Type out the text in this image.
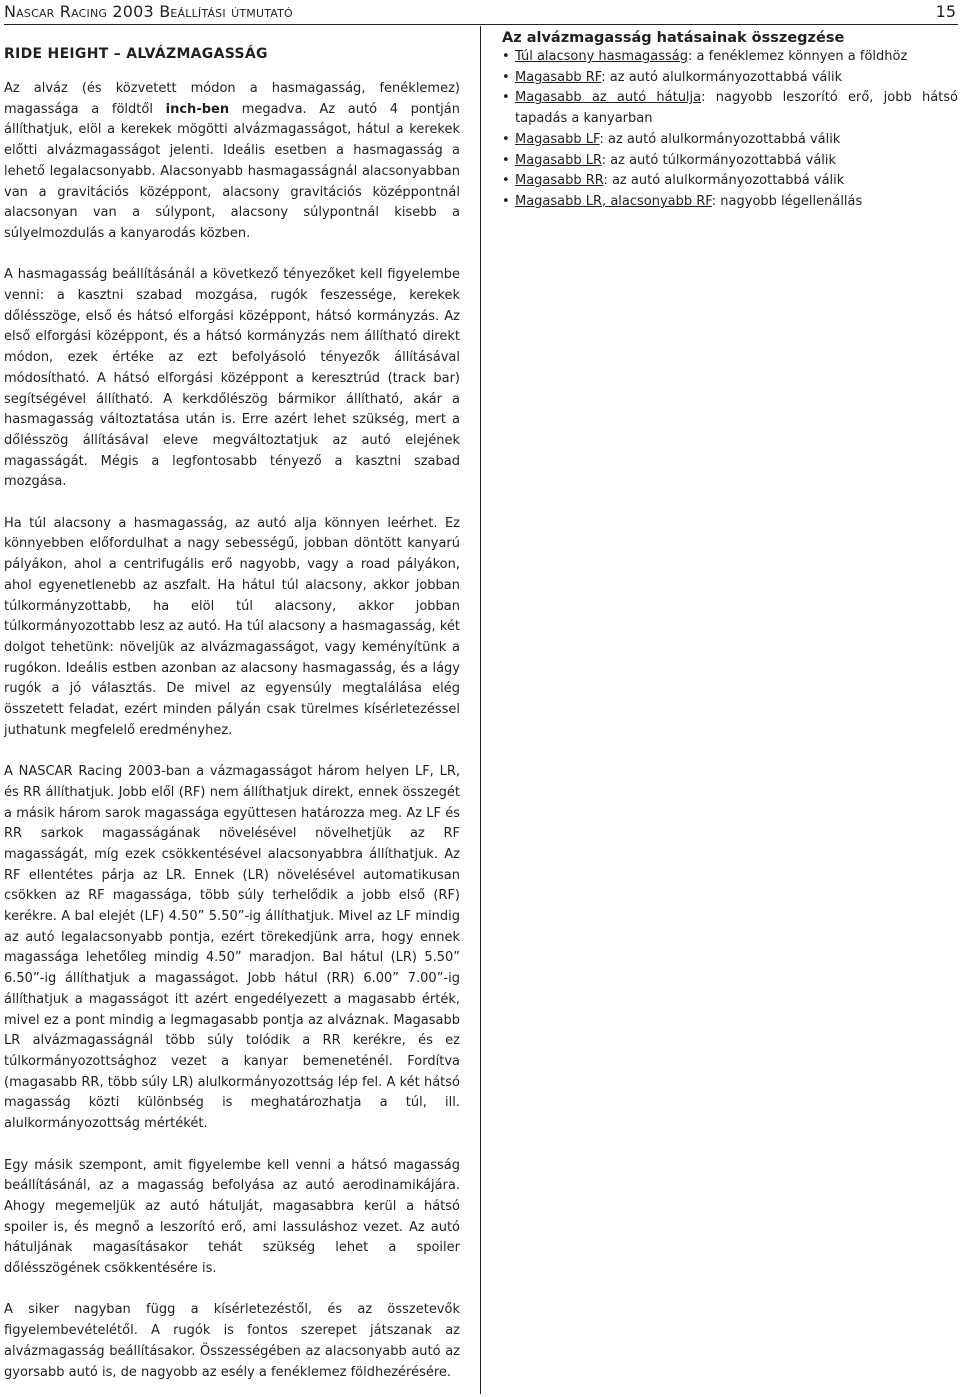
Nascar Racing 2003 Beállítási útmutató	15
RIDE HEIGHT – ALVÁZMAGASSÁG

Az alváz (és közvetett módon a hasmagasság, fenéklemez) magassága a földtől inch-ben megadva. Az autó 4 pontján állíthatjuk, elöl a kerekek mögötti alvázmagasságot, hátul a kerekek előtti alvázmagasságot jelenti. Ideális esetben a hasmagasság a lehető legalacsonyabb. Alacsonyabb hasmagasságnál alacsonyabban van a gravitációs középpont, alacsony gravitációs középpontnál alacsonyan van a súlypont, alacsony súlypontnál kisebb a súlyelmozdulás a kanyarodás közben.

A hasmagasság beállításánál a következő tényezőket kell figyelembe venni: a kasztni szabad mozgása, rugók feszessége, kerekek dőlésszöge, első és hátsó elforgási középpont, hátsó kormányzás. Az első elforgási középpont, és a hátsó kormányzás nem állítható direkt módon, ezek értéke az ezt befolyásoló tényezők állításával módosítható. A hátsó elforgási középpont a keresztrúd (track bar) segítségével állítható. A kerkdőlészög bármikor állítható, akár a hasmagasság változtatása után is. Erre azért lehet szükség, mert a dőlésszög állításával eleve megváltoztatjuk az autó elejének magasságát. Mégis a legfontosabb tényező a kasztni szabad mozgása.

Ha túl alacsony a hasmagasság, az autó alja könnyen leérhet. Ez könnyebben előfordulhat a nagy sebességű, jobban döntött kanyarú pályákon, ahol a centrifugális erő nagyobb, vagy a road pályákon, ahol egyenetlenebb az aszfalt. Ha hátul túl alacsony, akkor jobban túlkormányzottabb, ha elöl túl alacsony, akkor jobban túlkormányozottabb lesz az autó. Ha túl alacsony a hasmagasság, két dolgot tehetünk: növeljük az alvázmagasságot, vagy keményítünk a rugókon. Ideális estben azonban az alacsony hasmagasság, és a lágy rugók a jó választás. De mivel az egyensúly megtalálása elég összetett feladat, ezért minden pályán csak türelmes kísérletezéssel juthatunk megfelelő eredményhez.

A NASCAR Racing 2003-ban a vázmagasságot három helyen LF, LR, és RR állíthatjuk. Jobb elől (RF) nem állíthatjuk direkt, ennek összegét a másik három sarok magassága együttesen határozza meg. Az LF és RR sarkok magasságának növelésével növelhetjük az RF magasságát, míg ezek csökkentésével alacsonyabbra állíthatjuk. Az RF ellentétes párja az LR. Ennek (LR) növelésével automatikusan csökken az RF magassága, több súly terhelődik a jobb első (RF) kerékre. A bal elejét (LF) 4.50” 5.50”-ig állíthatjuk. Mivel az LF mindig az autó legalacsonyabb pontja, ezért törekedjünk arra, hogy ennek magassága lehetőleg mindig 4.50” maradjon. Bal hátul (LR) 5.50” 6.50”-ig állíthatjuk a magasságot. Jobb hátul (RR) 6.00” 7.00”-ig állíthatjuk a magasságot itt azért engedélyezett a magasabb érték, mivel ez a pont mindig a legmagasabb pontja az alváznak. Magasabb LR alvázmagasságnál több súly tolódik a RR kerékre, és ez túlkormányozottsághoz vezet a kanyar bemeneténél. Fordítva (magasabb RR, több súly LR) alulkormányozottság lép fel. A két hátsó magasság közti különbség is meghatározhatja a túl, ill. alulkormányozottság mértékét.

Egy másik szempont, amit figyelembe kell venni a hátsó magasság beállításánál, az a magasság befolyása az autó aerodinamikájára. Ahogy megemeljük az autó hátulját, magasabbra kerül a hátsó spoiler is, és megnő a leszorító erő, ami lassuláshoz vezet. Az autó hátuljának magasításakor tehát szükség lehet a spoiler dőlésszögének csökkentésére is.

A siker nagyban függ a kísérletezéstől, és az összetevők figyelembevételétől. A rugók is fontos szerepet játszanak az alvázmagasság beállításakor. Összességében az alacsonyabb autó az gyorsabb autó is, de nagyobb az esély a fenéklemez földhezérésére.

Az alvázmagasság hatásainak összegzése
• Túl alacsony hasmagasság: a fenéklemez könnyen a földhöz
• Magasabb RF: az autó alulkormányozottabbá válik
• Magasabb az autó hátulja: nagyobb leszorító erő, jobb hátsó tapadás a kanyarban
• Magasabb LF: az autó alulkormányozottabbá válik
• Magasabb LR: az autó túlkormányozottabbá válik
• Magasabb RR: az autó alulkormányozottabbá válik
• Magasabb LR, alacsonyabb RF: nagyobb légellenállás
